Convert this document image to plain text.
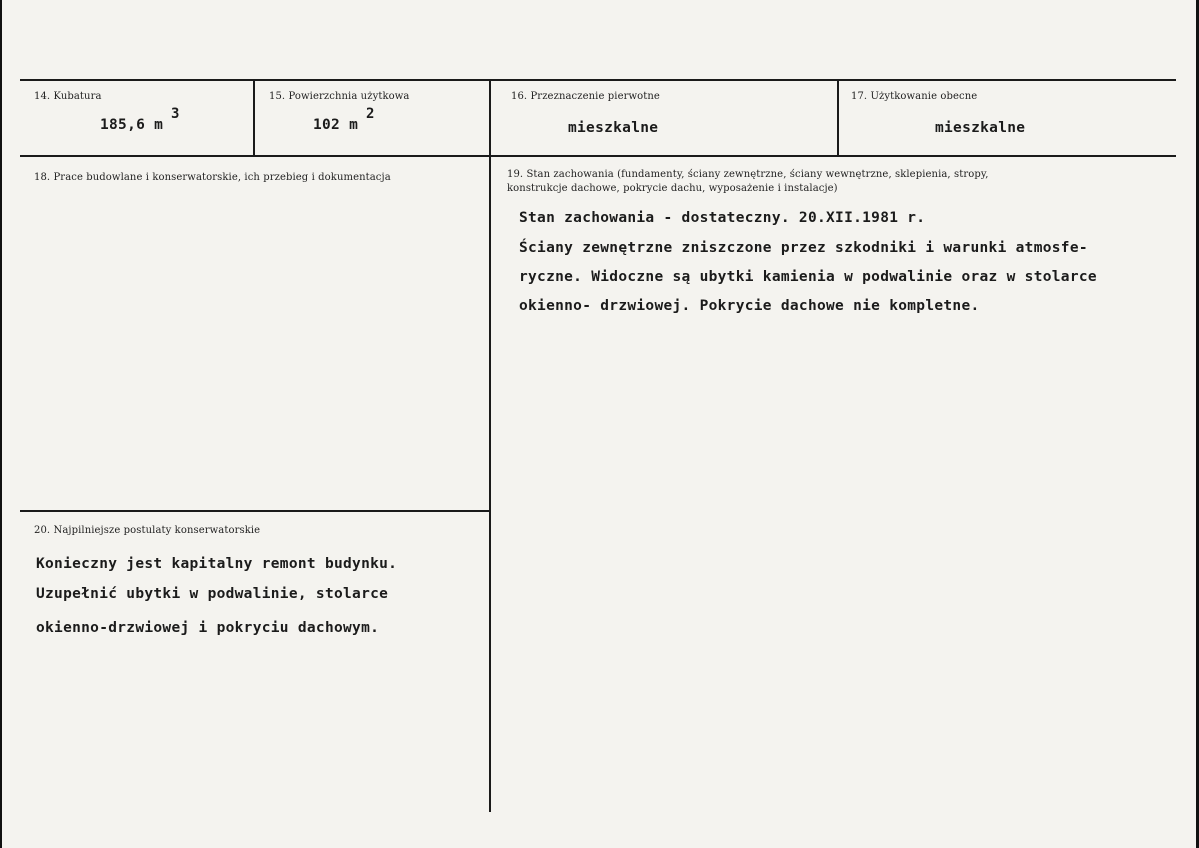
14. Kubatura
185,6 m
3
15. Powierzchnia użytkowa
102 m
2
16. Przeznaczenie pierwotne
mieszkalne
17. Użytkowanie obecne
mieszkalne
18. Prace budowlane i konserwatorskie, ich przebieg i dokumentacja	19. Stan zachowania (fundamenty, ściany zewnętrzne, ściany wewnętrzne, sklepienia, stropy,
konstrukcje dachowe, pokrycie dachu, wyposażenie i instalacje)
Stan zachowania - dostateczny. 20.XII.1981 r.
Ściany zewnętrzne zniszczone przez szkodniki i warunki atmosfe-
ryczne. Widoczne są ubytki kamienia w podwalinie oraz w stolarce
okienno- drzwiowej. Pokrycie dachowe nie kompletne.
20. Najpilniejsze postulaty konserwatorskie
Konieczny jest kapitalny remont budynku.
Uzupełnić ubytki w podwalinie, stolarce
okienno-drzwiowej i pokryciu dachowym.
